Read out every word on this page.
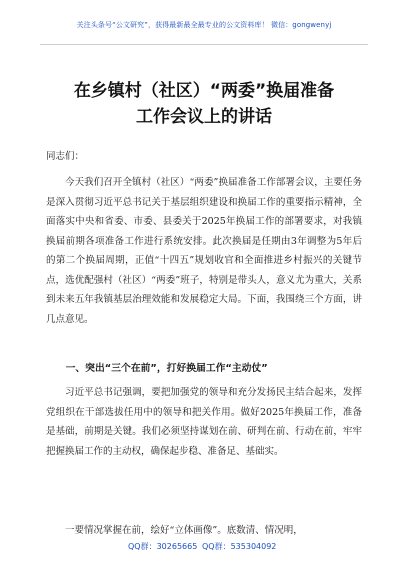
关注头条号“公文研究”，获得最新最全最专业的公文资料库！ 微信：gongwenyj
在乡镇村（社区）“两委”换届准备
工作会议上的讲话
同志们：

今天我们召开全镇村（社区）“两委”换届准备工作部署会议，主要任务是深入贯彻习近平总书记关于基层组织建设和换届工作的重要指示精神，全面落实中央和省委、市委、县委关于2025年换届工作的部署要求，对我镇换届前期各项准备工作进行系统安排。此次换届是任期由3年调整为5年后的第二个换届周期，正值“十四五”规划收官和全面推进乡村振兴的关键节点，选优配强村（社区）“两委”班子，特别是带头人，意义尤为重大，关系到未来五年我镇基层治理效能和发展稳定大局。下面，我围绕三个方面，讲几点意见。

一、突出“三个在前”，打好换届工作“主动仗”

习近平总书记强调，要把加强党的领导和充分发扬民主结合起来，发挥党组织在干部选拔任用中的领导和把关作用。做好2025年换届工作，准备是基础，前期是关键。我们必须坚持谋划在前、研判在前、行动在前，牢牢把握换届工作的主动权，确保起步稳、准备足、基础实。

一要情况掌握在前，绘好“立体画像”。底数清、情况明，

QQ群：30265665 QQ群：535304092
